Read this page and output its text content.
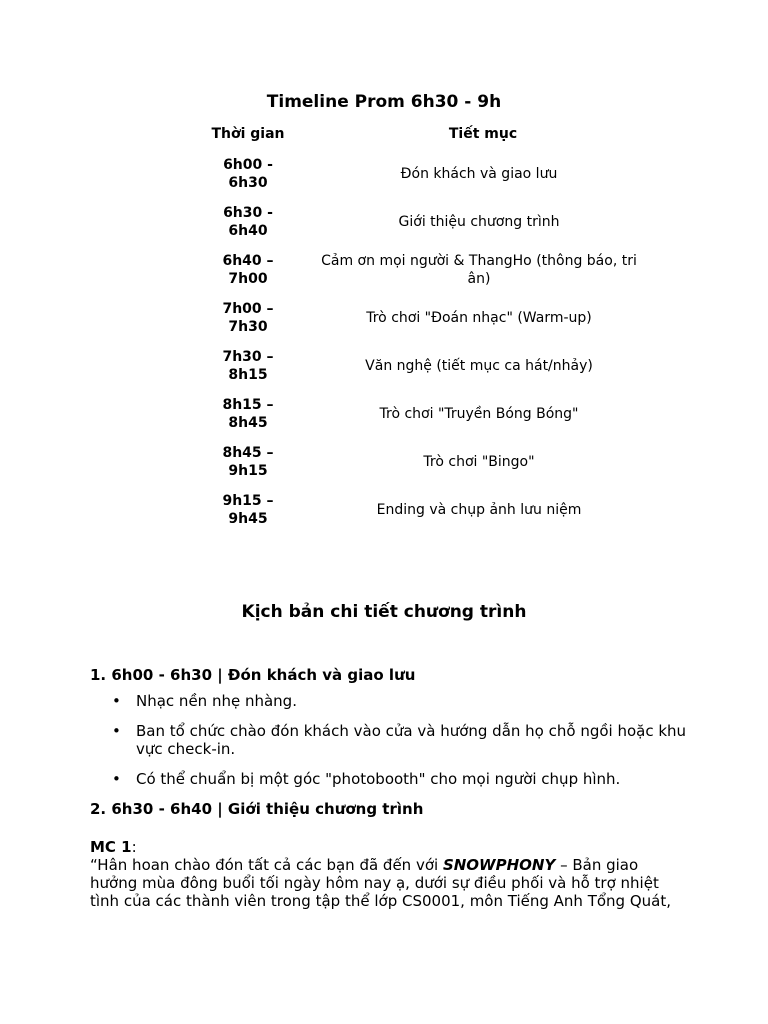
Timeline Prom 6h30 - 9h
Thời gian	Tiết mục
6h00 -
6h30	Đón khách và giao lưu
6h30 -
6h40	Giới thiệu chương trình
6h40 –
7h00	Cảm ơn mọi người & ThangHo (thông báo, tri ân)
7h00 –
7h30	Trò chơi "Đoán nhạc" (Warm-up)
7h30 –
8h15	Văn nghệ (tiết mục ca hát/nhảy)
8h15 –
8h45	Trò chơi "Truyền Bóng Bóng"
8h45 –
9h15	Trò chơi "Bingo"
9h15 –
9h45	Ending và chụp ảnh lưu niệm
Kịch bản chi tiết chương trình

1. 6h00 - 6h30 | Đón khách và giao lưu

• Nhạc nền nhẹ nhàng.
• Ban tổ chức chào đón khách vào cửa và hướng dẫn họ chỗ ngồi hoặc khu vực check-in.
• Có thể chuẩn bị một góc "photobooth" cho mọi người chụp hình.

2. 6h30 - 6h40 | Giới thiệu chương trình

MC 1:

“Hân hoan chào đón tất cả các bạn đã đến với SNOWPHONY – Bản giao hưởng mùa đông buổi tối ngày hôm nay ạ, dưới sự điều phối và hỗ trợ nhiệt tình của các thành viên trong tập thể lớp CS0001, môn Tiếng Anh Tổng Quát,
